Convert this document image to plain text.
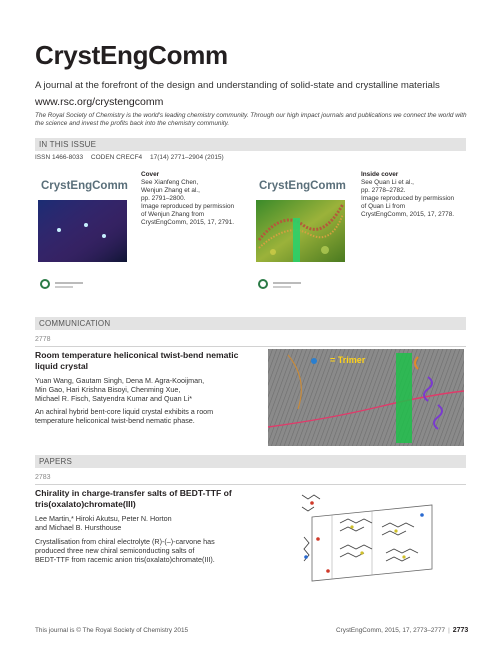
CrystEngComm
A journal at the forefront of the design and understanding of solid-state and crystalline materials
www.rsc.org/crystengcomm
The Royal Society of Chemistry is the world's leading chemistry community. Through our high impact journals and publications we connect the world with the science and invest the profits back into the chemistry community.
IN THIS ISSUE
ISSN 1466-8033 CODEN CRECF4 17(14) 2771–2904 (2015)
CrystEngComm
Cover
See Xianfeng Chen,
Wenjun Zhang et al.,
pp. 2791–2800.
Image reproduced by permission
of Wenjun Zhang from
CrystEngComm, 2015, 17, 2791.
CrystEngComm
Inside cover
See Quan Li et al.,
pp. 2778–2782.
Image reproduced by permission
of Quan Li from
CrystEngComm, 2015, 17, 2778.
COMMUNICATION
2778
Room temperature heliconical twist-bend nematic
liquid crystal
Yuan Wang, Gautam Singh, Dena M. Agra-Kooijman,
Min Gao, Hari Krishna Bisoyi, Chenming Xue,
Michael R. Fisch, Satyendra Kumar and Quan Li*
An achiral hybrid bent-core liquid crystal exhibits a room
temperature heliconical twist-bend nematic phase.
= Trimer
PAPERS
2783
Chirality in charge-transfer salts of BEDT-TTF of
tris(oxalato)chromate(III)
Lee Martin,* Hiroki Akutsu, Peter N. Horton
and Michael B. Hursthouse
Crystallisation from chiral electrolyte (R)-(–)-carvone has
produced three new chiral semiconducting salts of
BEDT-TTF from racemic anion tris(oxalato)chromate(III).
This journal is © The Royal Society of Chemistry 2015	CrystEngComm, 2015, 17, 2773–2777 | 2773
